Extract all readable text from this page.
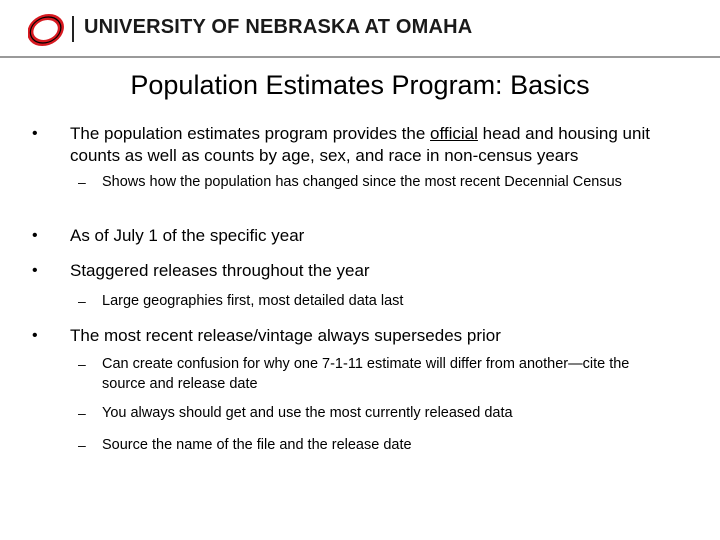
UNIVERSITY OF NEBRASKA AT OMAHA
Population Estimates Program: Basics
• The population estimates program provides the official head and housing unit counts as well as counts by age, sex, and race in non-census years
– Shows how the population has changed since the most recent Decennial Census
• As of July 1 of the specific year
• Staggered releases throughout the year
– Large geographies first, most detailed data last
• The most recent release/vintage always supersedes prior
– Can create confusion for why one 7-1-11 estimate will differ from another—cite the source and release date
– You always should get and use the most currently released data
– Source the name of the file and the release date
